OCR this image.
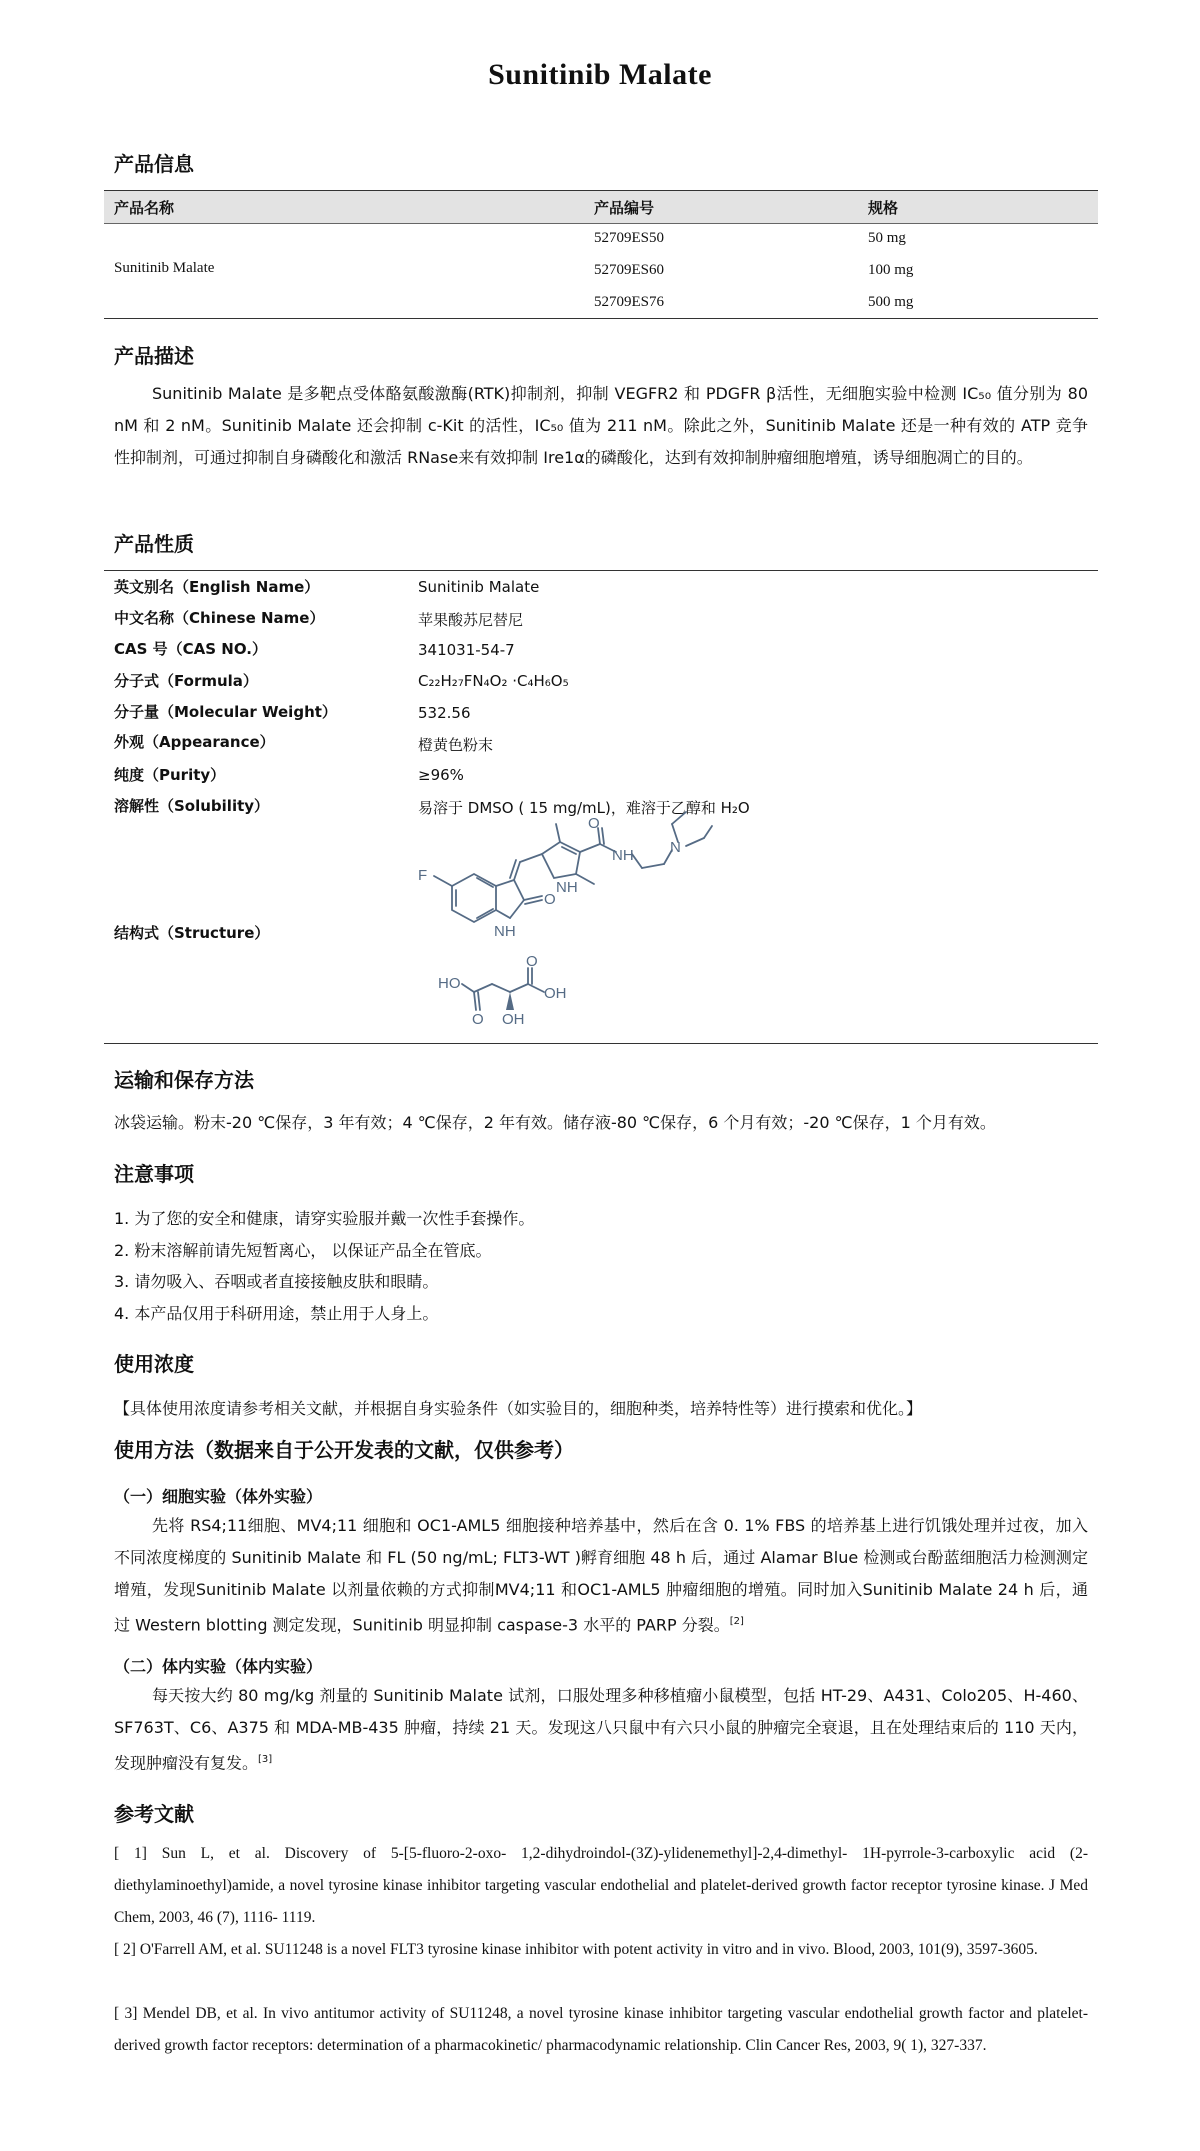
Sunitinib Malate
产品信息
产品名称	产品编号	规格
Sunitinib Malate
52709ES50	50 mg
52709ES60	100 mg
52709ES76	500 mg
产品描述
Sunitinib Malate 是多靶点受体酪氨酸激酶(RTK)抑制剂，抑制 VEGFR2 和 PDGFR β活性，无细胞实验中检测 IC₅₀ 值分别为 80 nM 和 2 nM。Sunitinib Malate 还会抑制 c-Kit 的活性，IC₅₀ 值为 211 nM。除此之外，Sunitinib Malate 还是一种有效的 ATP 竞争性抑制剂，可通过抑制自身磷酸化和激活 RNase来有效抑制 Ire1α的磷酸化，达到有效抑制肿瘤细胞增殖，诱导细胞凋亡的目的。
产品性质
英文别名（English Name）	Sunitinib Malate
中文名称（Chinese Name）	苹果酸苏尼替尼
CAS 号（CAS NO.）	341031-54-7
分子式（Formula）	C₂₂H₂₇FN₄O₂ ·C₄H₆O₅
分子量（Molecular Weight）	532.56
外观（Appearance）	橙黄色粉末
纯度（Purity）	≥96%
溶解性（Solubility）	易溶于 DMSO ( 15 mg/mL)，难溶于乙醇和 H₂O
结构式（Structure）
F
O
NH
NH
O
NH N
HO
O OH
O
OH
运输和保存方法
冰袋运输。粉末-20 ℃保存，3 年有效；4 ℃保存，2 年有效。储存液-80 ℃保存，6 个月有效；-20 ℃保存，1 个月有效。
注意事项
1. 为了您的安全和健康，请穿实验服并戴一次性手套操作。
2. 粉末溶解前请先短暂离心， 以保证产品全在管底。
3. 请勿吸入、吞咽或者直接接触皮肤和眼睛。
4. 本产品仅用于科研用途，禁止用于人身上。
使用浓度
【具体使用浓度请参考相关文献，并根据自身实验条件（如实验目的，细胞种类，培养特性等）进行摸索和优化。】
使用方法（数据来自于公开发表的文献，仅供参考）
（一）细胞实验（体外实验）
先将 RS4;11细胞、MV4;11 细胞和 OC1-AML5 细胞接种培养基中，然后在含 0. 1% FBS 的培养基上进行饥饿处理并过夜，加入不同浓度梯度的 Sunitinib Malate 和 FL (50 ng/mL; FLT3-WT )孵育细胞 48 h 后，通过 Alamar Blue 检测或台酚蓝细胞活力检测测定增殖，发现Sunitinib Malate 以剂量依赖的方式抑制MV4;11 和OC1-AML5 肿瘤细胞的增殖。同时加入Sunitinib Malate 24 h 后，通过 Western blotting 测定发现，Sunitinib 明显抑制 caspase-3 水平的 PARP 分裂。[2]
（二）体内实验（体内实验）
每天按大约 80 mg/kg 剂量的 Sunitinib Malate 试剂，口服处理多种移植瘤小鼠模型，包括 HT-29、A431、Colo205、H-460、SF763T、C6、A375 和 MDA-MB-435 肿瘤，持续 21 天。发现这八只鼠中有六只小鼠的肿瘤完全衰退，且在处理结束后的 110 天内，发现肿瘤没有复发。[3]
参考文献
[ 1] Sun L, et al. Discovery of 5-[5-fluoro-2-oxo- 1,2-dihydroindol-(3Z)-ylidenemethyl]-2,4-dimethyl- 1H-pyrrole-3-carboxylic acid (2-diethylaminoethyl)amide, a novel tyrosine kinase inhibitor targeting vascular endothelial and platelet-derived growth factor receptor tyrosine kinase. J Med Chem, 2003, 46 (7), 1116- 1119.
[ 2] O'Farrell AM, et al. SU11248 is a novel FLT3 tyrosine kinase inhibitor with potent activity in vitro and in vivo. Blood, 2003, 101(9), 3597-3605.
[ 3] Mendel DB, et al. In vivo antitumor activity of SU11248, a novel tyrosine kinase inhibitor targeting vascular endothelial growth factor and platelet-derived growth factor receptors: determination of a pharmacokinetic/ pharmacodynamic relationship. Clin Cancer Res, 2003, 9( 1), 327-337.
